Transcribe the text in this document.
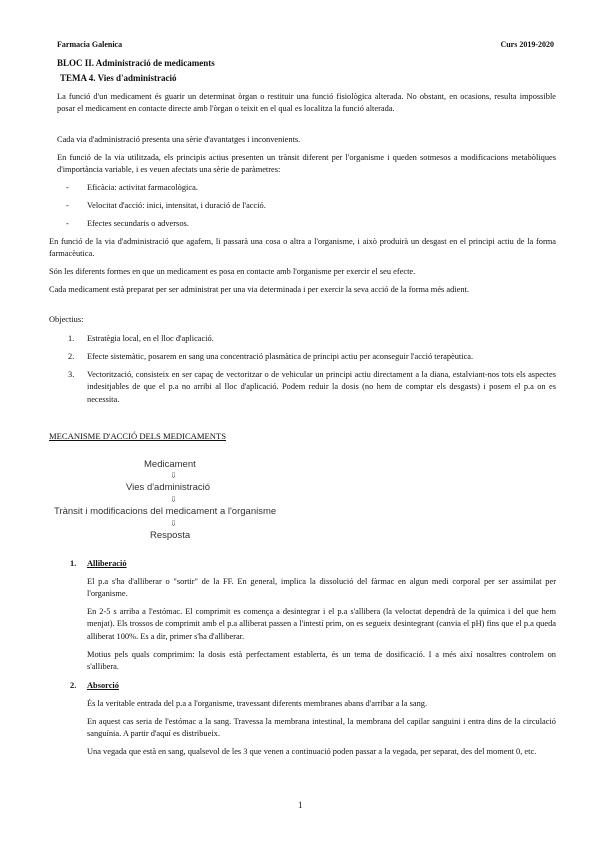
Farmacia Galenica	Curs 2019-2020
BLOC II. Administració de medicaments
TEMA 4. Vies d'administració
La funció d'un medicament és guarir un determinat òrgan o restituir una funció fisiològica alterada. No obstant, en ocasions, resulta impossible posar el medicament en contacte directe amb l'òrgan o teixit en el qual es localitza la funció alterada.
Cada via d'administració presenta una sèrie d'avantatges i inconvenients.
En funció de la via utilitzada, els principis actius presenten un trànsit diferent per l'organisme i queden sotmesos a modificacions metabòliques d'importància variable, i es veuen afectats una sèrie de paràmetres:
- Eficàcia: activitat farmacològica.
- Velocitat d'acció: inici, intensitat, i duració de l'acció.
- Efectes secundaris o adversos.
En funció de la via d'administració que agafem, li passarà una cosa o altra a l'organisme, i això produirà un desgast en el principi actiu de la forma farmacèutica.
Són les diferents formes en que un medicament es posa en contacte amb l'organisme per exercir el seu efecte.
Cada medicament està preparat per ser administrat per una via determinada i per exercir la seva acció de la forma més adient.
Objectius:
1. Estratègia local, en el lloc d'aplicació.
2. Efecte sistemàtic, posarem en sang una concentració plasmàtica de principi actiu per aconseguir l'acció terapèutica.
3. Vectorització, consisteix en ser capaç de vectoritzar o de vehicular un principi actiu directament a la diana, estalviant-nos tots els aspectes indesitjables de que el p.a no arribi al lloc d'aplicació. Podem reduir la dosis (no hem de comptar els desgasts) i posem el p.a on es necessita.
MECANISME D'ACCIÓ DELS MEDICAMENTS
Medicament
⇩
Vies d'administració
⇩
Trànsit i modificacions del medicament a l'organisme
⇩
Resposta
1. Alliberació
El p.a s'ha d'alliberar o "sortir" de la FF. En general, implica la dissolució del fàrmac en algun medi corporal per ser assimilat per l'organisme.
En 2-5 s arriba a l'estómac. El comprimit es comença a desintegrar i el p.a s'allibera (la veloctat dependrà de la química i del que hem menjat). Els trossos de comprimit amb el p.a alliberat passen a l'intestí prim, on es segueix desintegrant (canvia el pH) fins que el p.a queda alliberat 100%. Es a dir, primer s'ha d'alliberar.
Motius pels quals comprimim: la dosis està perfectament establerta, és un tema de dosificació. I a més així nosaltres controlem on s'allibera.
2. Absorció
És la veritable entrada del p.a a l'organisme, travessant diferents membranes abans d'arribar a la sang.
En aquest cas seria de l'estómac a la sang. Travessa la membrana intestinal, la membrana del capilar sanguini i entra dins de la circulació sanguínia. A partir d'aquí es distribueix.
Una vegada que està en sang, qualsevol de les 3 que venen a continuació poden passar a la vegada, per separat, des del moment 0, etc.
1
